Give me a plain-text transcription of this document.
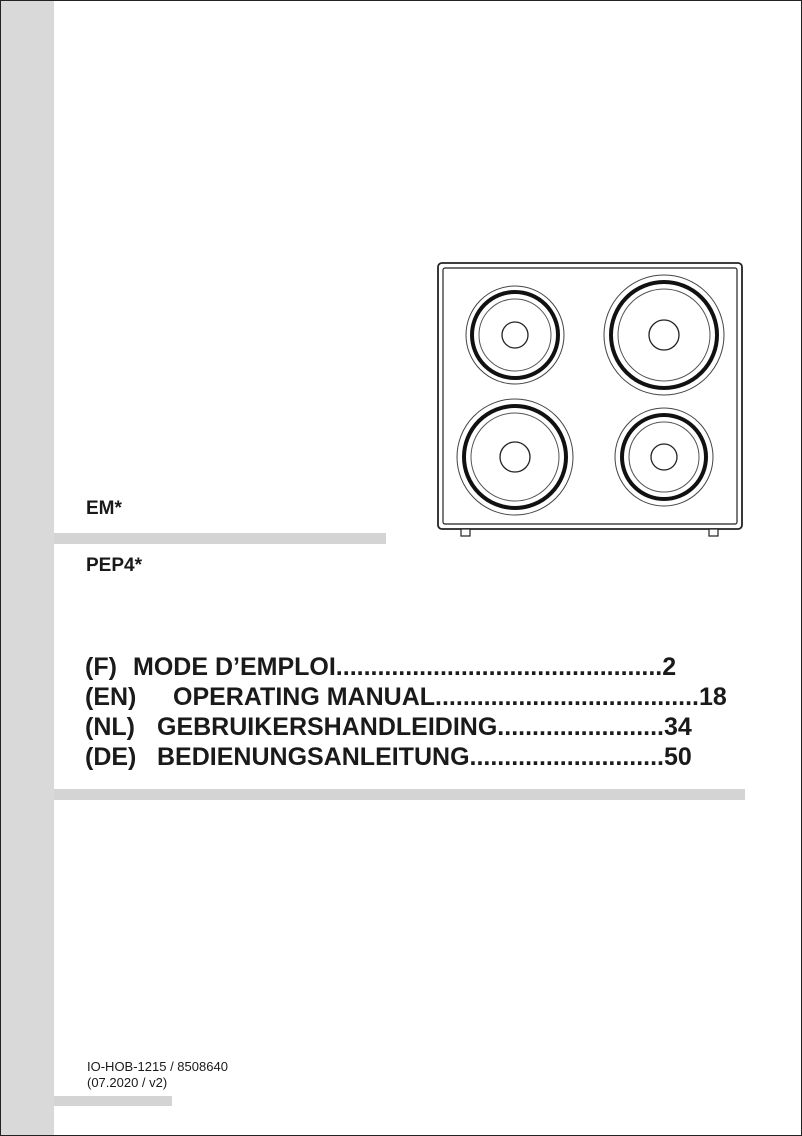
EM*
PEP4*
(F) MODE D’EMPLOI...............................................2
(EN) OPERATING MANUAL......................................18
(NL) GEBRUIKERSHANDLEIDING........................34
(DE) BEDIENUNGSANLEITUNG............................50
IO-HOB-1215 / 8508640
(07.2020 / v2)
